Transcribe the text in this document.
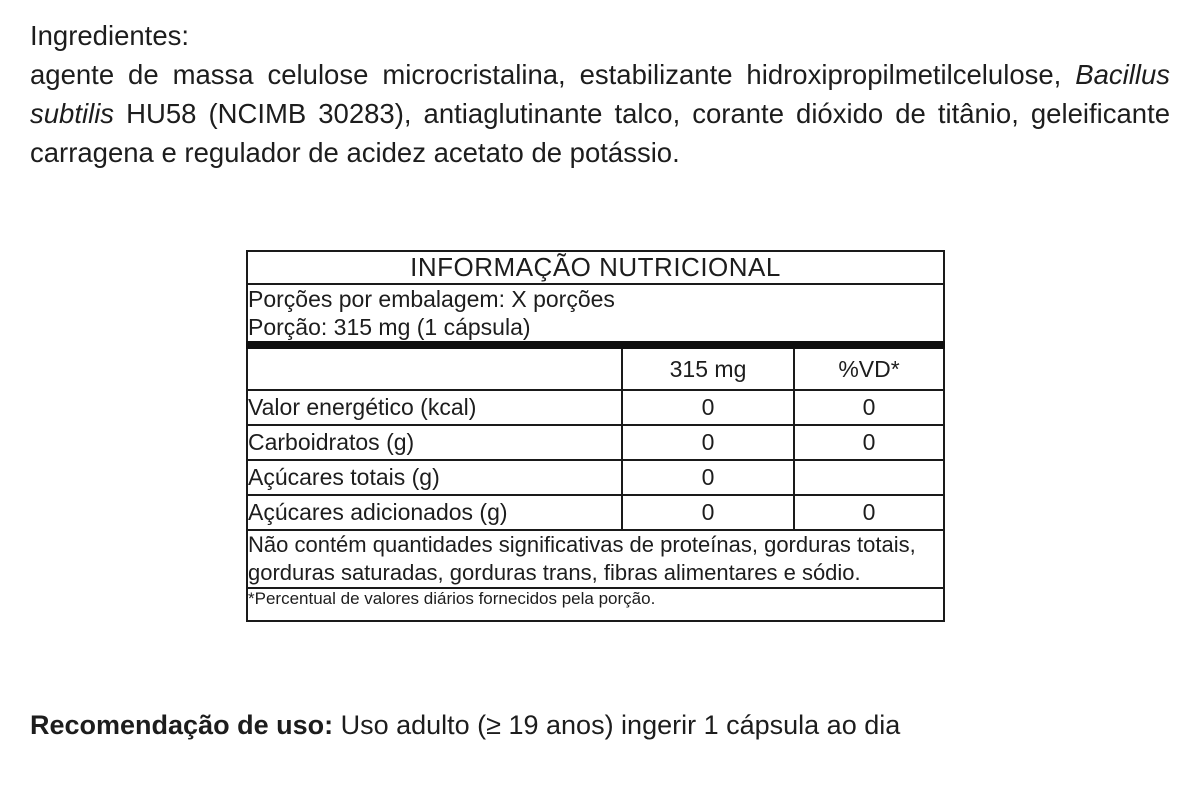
Ingredientes:
agente de massa celulose microcristalina, estabilizante hidroxipropilmetilcelulose, Bacillus
subtilis HU58 (NCIMB 30283), antiaglutinante talco, corante dióxido de titânio, geleificante
carragena e regulador de acidez acetato de potássio.
INFORMAÇÃO NUTRICIONAL		

Porções por embalagem: X porções
Porção: 315 mg (1 cápsula)		

	315 mg	%VD*
Valor energético (kcal)	0	0
Carboidratos (g)	0	0
Açúcares totais (g)	0	
Açúcares adicionados (g)	0	0

Não contém quantidades significativas de proteínas, gorduras totais,
gorduras saturadas, gorduras trans, fibras alimentares e sódio.		

*Percentual de valores diários fornecidos pela porção.		
Recomendação de uso: Uso adulto (≥ 19 anos) ingerir 1 cápsula ao dia
